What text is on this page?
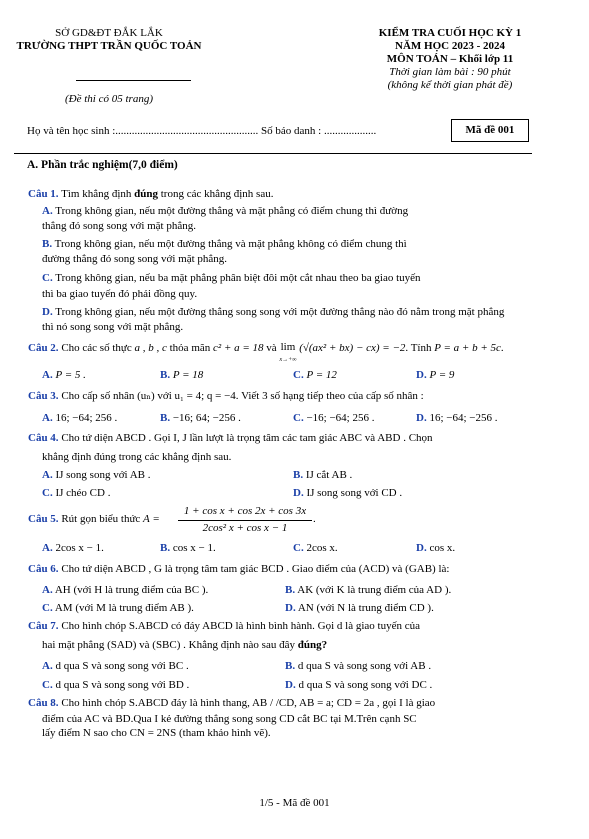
SỞ GD&ĐT ĐẮK LẮK
TRƯỜNG THPT TRẦN QUỐC TOẢN
(Đề thi có 05 trang)
KIỂM TRA CUỐI HỌC KỲ 1
NĂM HỌC 2023 - 2024
MÔN TOÁN – Khối lớp 11
Thời gian làm bài : 90 phút
(không kể thời gian phát đề)
Họ và tên học sinh :.................................................... Số báo danh : ...................	Mã đề 001
A. Phần trắc nghiệm(7,0 điểm)
Câu 1. Tìm khẳng định đúng trong các khẳng định sau.
A. Trong không gian, nếu một đường thẳng và mặt phẳng có điểm chung thì đường
thẳng đó song song với mặt phẳng.
B. Trong không gian, nếu một đường thẳng và mặt phẳng không có điểm chung thì
đường thẳng đó song song với mặt phẳng.
C. Trong không gian, nếu ba mặt phẳng phân biệt đôi một cắt nhau theo ba giao tuyến
thì ba giao tuyến đó phải đồng quy.
D. Trong không gian, nếu một đường thẳng song song với một đường thẳng nào đó nằm trong mặt phẳng
thì nó song song với mặt phẳng.
Câu 2. Cho các số thực a , b , c thỏa mãn c² + a = 18 và lim
x→+∞ (√(ax² + bx) − cx) = −2. Tính P = a + b + 5c.
A. P = 5 .	B. P = 18	C. P = 12	D. P = 9
Câu 3. Cho cấp số nhân (uₙ) với u₁ = 4; q = −4. Viết 3 số hạng tiếp theo của cấp số nhân :
A. 16; −64; 256 .	B. −16; 64; −256 .	C. −16; −64; 256 .	D. 16; −64; −256 .
Câu 4. Cho tứ diện ABCD . Gọi I, J lần lượt là trọng tâm các tam giác ABC và ABD . Chọn
khẳng định đúng trong các khẳng định sau.
A. IJ song song với AB .	B. IJ cắt AB .
C. IJ chéo CD .	D. IJ song song với CD .
Câu 5. Rút gọn biểu thức A =
1 + cos x + cos 2x + cos 3x
2cos² x + cos x − 1
.
A. 2cos x − 1.	B. cos x − 1.	C. 2cos x.	D. cos x.
Câu 6. Cho tứ diện ABCD , G là trọng tâm tam giác BCD . Giao điểm của (ACD) và (GAB) là:
A. AH (với H là trung điểm của BC ).	B. AK (với K là trung điểm của AD ).
C. AM (với M là trung điểm AB ).	D. AN (với N là trung điểm CD ).
Câu 7. Cho hình chóp S.ABCD có đáy ABCD là hình bình hành. Gọi d là giao tuyến của
hai mặt phẳng (SAD) và (SBC) . Khẳng định nào sau đây đúng?
A. d qua S và song song với BC .	B. d qua S và song song với AB .
C. d qua S và song song với BD .	D. d qua S và song song với DC .
Câu 8. Cho hình chóp S.ABCD đáy là hình thang, AB / /CD, AB = a; CD = 2a , gọi I là giao
điểm của AC và BD.Qua I kẻ đường thẳng song song CD cắt BC tại M.Trên cạnh SC
lấy điểm N sao cho CN = 2NS (tham khảo hình vẽ).
1/5 - Mã đề 001
